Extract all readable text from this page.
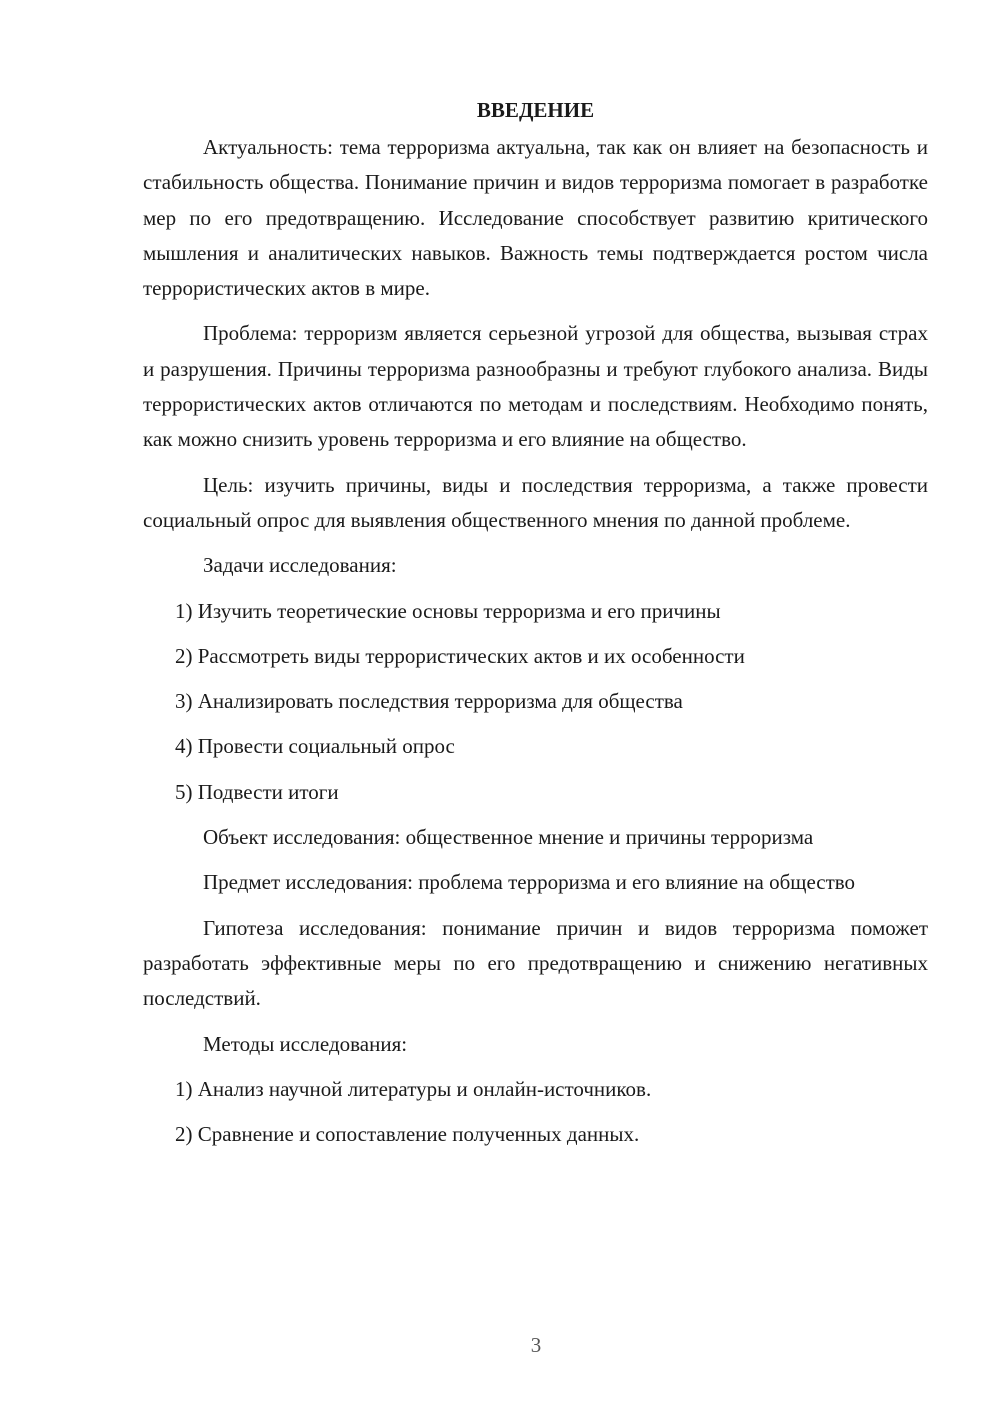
ВВЕДЕНИЕ
Актуальность: тема терроризма актуальна, так как он влияет на безопасность и стабильность общества. Понимание причин и видов терроризма помогает в разработке мер по его предотвращению. Исследование способствует развитию критического мышления и аналитических навыков. Важность темы подтверждается ростом числа террористических актов в мире.
Проблема: терроризм является серьезной угрозой для общества, вызывая страх и разрушения. Причины терроризма разнообразны и требуют глубокого анализа. Виды террористических актов отличаются по методам и последствиям. Необходимо понять, как можно снизить уровень терроризма и его влияние на общество.
Цель: изучить причины, виды и последствия терроризма, а также провести социальный опрос для выявления общественного мнения по данной проблеме.
Задачи исследования:
1) Изучить теоретические основы терроризма и его причины
2) Рассмотреть виды террористических актов и их особенности
3) Анализировать последствия терроризма для общества
4) Провести социальный опрос
5) Подвести итоги
Объект исследования: общественное мнение и причины терроризма
Предмет исследования: проблема терроризма и его влияние на общество
Гипотеза исследования: понимание причин и видов терроризма поможет разработать эффективные меры по его предотвращению и снижению негативных последствий.
Методы исследования:
1) Анализ научной литературы и онлайн-источников.
2) Сравнение и сопоставление полученных данных.
3
